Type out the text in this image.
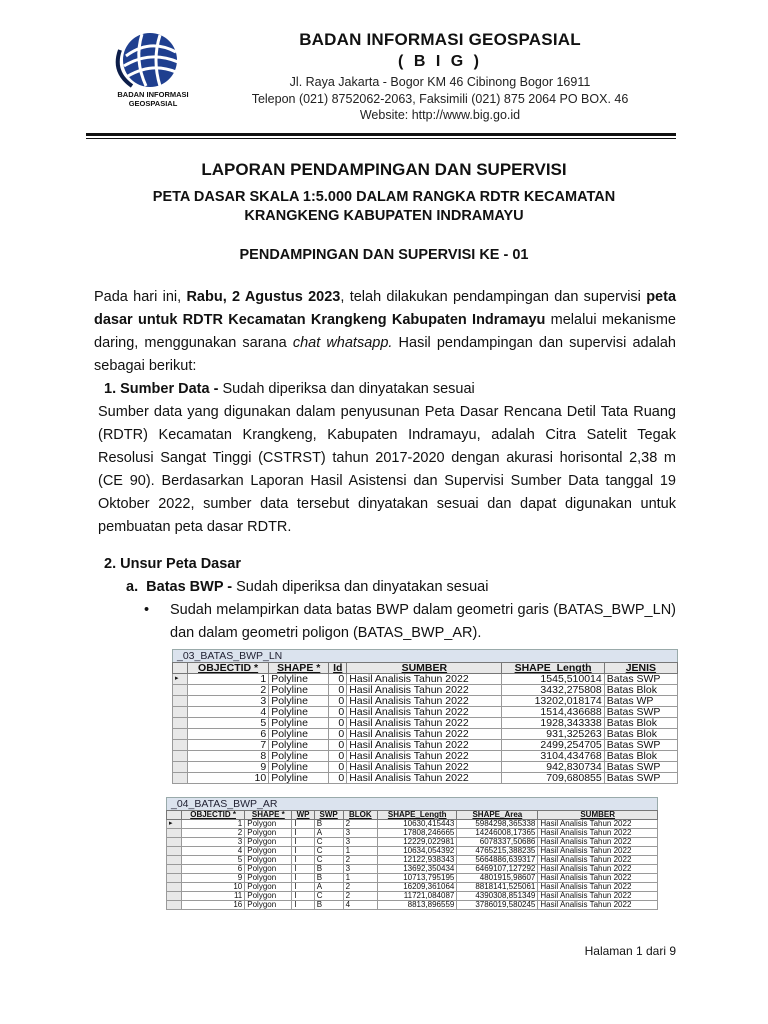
BADAN INFORMASI
GEOSPASIAL
BADAN INFORMASI GEOSPASIAL
( B I G )
Jl. Raya Jakarta - Bogor KM 46 Cibinong Bogor 16911
Telepon (021) 8752062-2063, Faksimili (021) 875 2064 PO BOX. 46
Website: http://www.big.go.id
LAPORAN PENDAMPINGAN DAN SUPERVISI
PETA DASAR SKALA 1:5.000 DALAM RANGKA RDTR KECAMATAN
KRANGKENG KABUPATEN INDRAMAYU
PENDAMPINGAN DAN SUPERVISI KE - 01
Pada hari ini, Rabu, 2 Agustus 2023, telah dilakukan pendampingan dan supervisi peta dasar untuk RDTR Kecamatan Krangkeng Kabupaten Indramayu melalui mekanisme daring, menggunakan sarana chat whatsapp. Hasil pendampingan dan supervisi adalah sebagai berikut:
1. Sumber Data - Sudah diperiksa dan dinyatakan sesuai
Sumber data yang digunakan dalam penyusunan Peta Dasar Rencana Detil Tata Ruang (RDTR) Kecamatan Krangkeng, Kabupaten Indramayu, adalah Citra Satelit Tegak Resolusi Sangat Tinggi (CSTRST) tahun 2017-2020 dengan akurasi horisontal 2,38 m (CE 90). Berdasarkan Laporan Hasil Asistensi dan Supervisi Sumber Data tanggal 19 Oktober 2022, sumber data tersebut dinyatakan sesuai dan dapat digunakan untuk pembuatan peta dasar RDTR.
2. Unsur Peta Dasar
a. Batas BWP - Sudah diperiksa dan dinyatakan sesuai
•	Sudah melampirkan data batas BWP dalam geometri garis (BATAS_BWP_LN) dan dalam geometri poligon (BATAS_BWP_AR).
_03_BATAS_BWP_LN
	OBJECTID *	SHAPE *	Id	SUMBER	SHAPE_Length	JENIS
▸	1	Polyline	0	Hasil Analisis Tahun 2022	1545,510014	Batas SWP
	2	Polyline	0	Hasil Analisis Tahun 2022	3432,275808	Batas Blok
	3	Polyline	0	Hasil Analisis Tahun 2022	13202,018174	Batas WP
	4	Polyline	0	Hasil Analisis Tahun 2022	1514,436688	Batas SWP
	5	Polyline	0	Hasil Analisis Tahun 2022	1928,343338	Batas Blok
	6	Polyline	0	Hasil Analisis Tahun 2022	931,325263	Batas Blok
	7	Polyline	0	Hasil Analisis Tahun 2022	2499,254705	Batas SWP
	8	Polyline	0	Hasil Analisis Tahun 2022	3104,434768	Batas Blok
	9	Polyline	0	Hasil Analisis Tahun 2022	942,830734	Batas SWP
	10	Polyline	0	Hasil Analisis Tahun 2022	709,680855	Batas SWP
_04_BATAS_BWP_AR
	OBJECTID *	SHAPE *	WP	SWP	BLOK	SHAPE_Length	SHAPE_Area	SUMBER
▸	1	Polygon	I	B	2	10630,415443	5984298,365338	Hasil Analisis Tahun 2022
	2	Polygon	I	A	3	17808,246665	14246008,17365	Hasil Analisis Tahun 2022
	3	Polygon	I	C	3	12229,022981	6078337,50686	Hasil Analisis Tahun 2022
	4	Polygon	I	C	1	10634,054392	4765215,388235	Hasil Analisis Tahun 2022
	5	Polygon	I	C	2	12122,938343	5664886,639317	Hasil Analisis Tahun 2022
	6	Polygon	I	B	3	13692,350434	6469107,127292	Hasil Analisis Tahun 2022
	9	Polygon	I	B	1	10713,795195	4801915,98607	Hasil Analisis Tahun 2022
	10	Polygon	I	A	2	16209,361064	8818141,525061	Hasil Analisis Tahun 2022
	11	Polygon	I	C	2	11721,084087	4390308,851349	Hasil Analisis Tahun 2022
	16	Polygon	I	B	4	8813,896559	3786019,580245	Hasil Analisis Tahun 2022
Halaman 1 dari 9
